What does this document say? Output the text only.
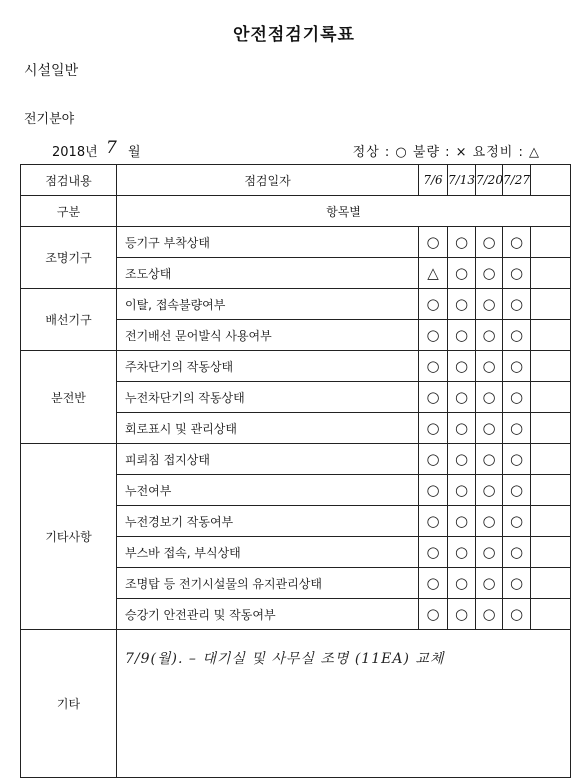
안전점검기록표
시설일반
전기분야
2018년 7 월	정상 : ○ 불량 : × 요정비 : △
점검내용	점검일자	7/6	7/13	7/20	7/27	
구분	항목별					
조명기구	등기구 부착상태	○	○	○	○	
	조도상태	△	○	○	○	
배선기구	이탈, 접속불량여부	○	○	○	○	
	전기배선 문어발식 사용여부	○	○	○	○	
분전반	주차단기의 작동상태	○	○	○	○	
	누전차단기의 작동상태	○	○	○	○	
	회로표시 및 관리상태	○	○	○	○	
기타사항	피뢰침 접지상태	○	○	○	○	
	누전여부	○	○	○	○	
	누전경보기 작동여부	○	○	○	○	
	부스바 접속, 부식상태	○	○	○	○	
	조명탑 등 전기시설물의 유지관리상태	○	○	○	○	
	승강기 안전관리 및 작동여부	○	○	○	○	
기타	7/9(월). – 대기실 및 사무실 조명 (11EA) 교체					
